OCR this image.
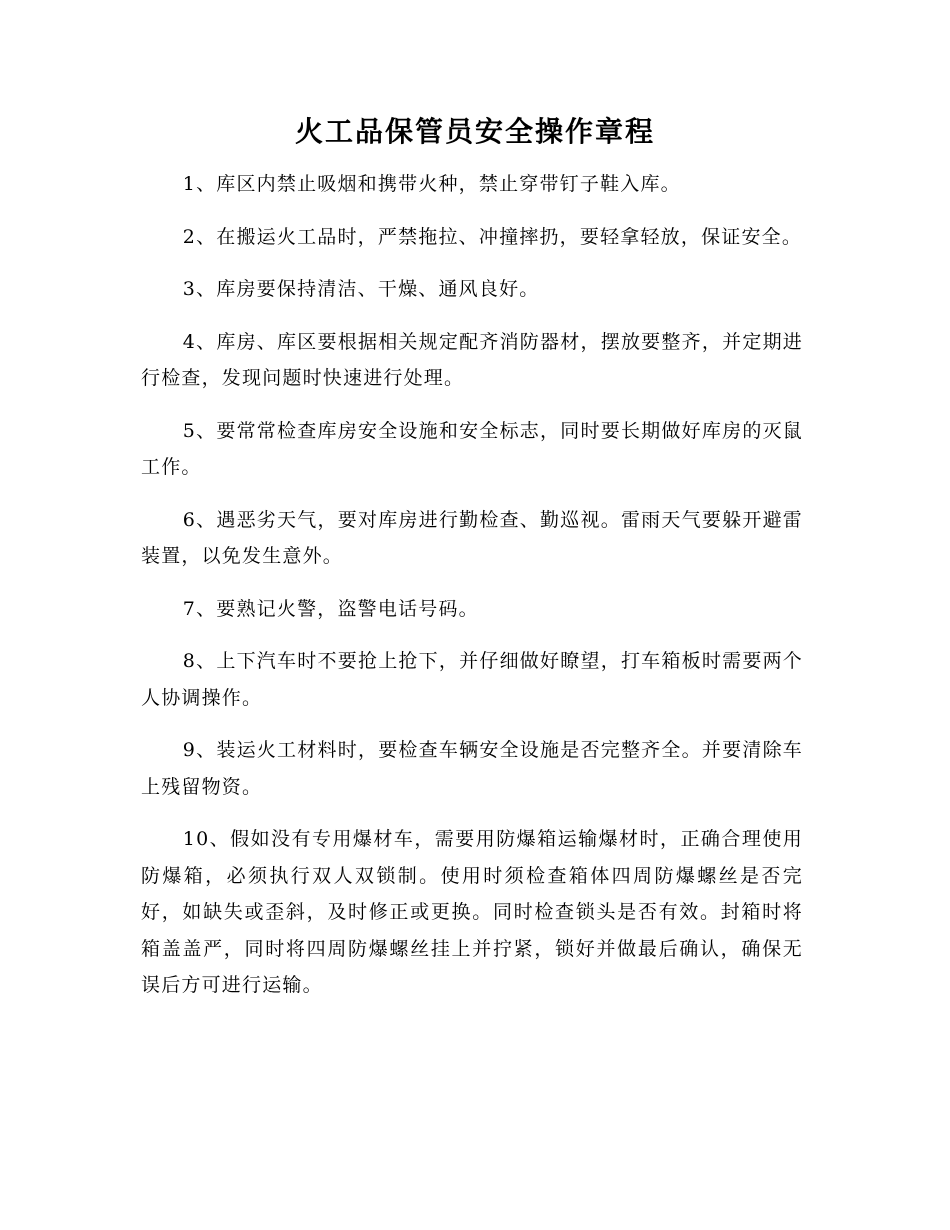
火工品保管员安全操作章程

1、库区内禁止吸烟和携带火种，禁止穿带钉子鞋入库。

2、在搬运火工品时，严禁拖拉、冲撞摔扔，要轻拿轻放，保证安全。

3、库房要保持清洁、干燥、通风良好。

4、库房、库区要根据相关规定配齐消防器材，摆放要整齐，并定期进行检查，发现问题时快速进行处理。

5、要常常检查库房安全设施和安全标志，同时要长期做好库房的灭鼠工作。

6、遇恶劣天气，要对库房进行勤检查、勤巡视。雷雨天气要躲开避雷装置，以免发生意外。

7、要熟记火警，盗警电话号码。

8、上下汽车时不要抢上抢下，并仔细做好瞭望，打车箱板时需要两个人协调操作。

9、装运火工材料时，要检查车辆安全设施是否完整齐全。并要清除车上残留物资。

10、假如没有专用爆材车，需要用防爆箱运输爆材时，正确合理使用防爆箱，必须执行双人双锁制。使用时须检查箱体四周防爆螺丝是否完好，如缺失或歪斜，及时修正或更换。同时检查锁头是否有效。封箱时将箱盖盖严，同时将四周防爆螺丝挂上并拧紧，锁好并做最后确认，确保无误后方可进行运输。
